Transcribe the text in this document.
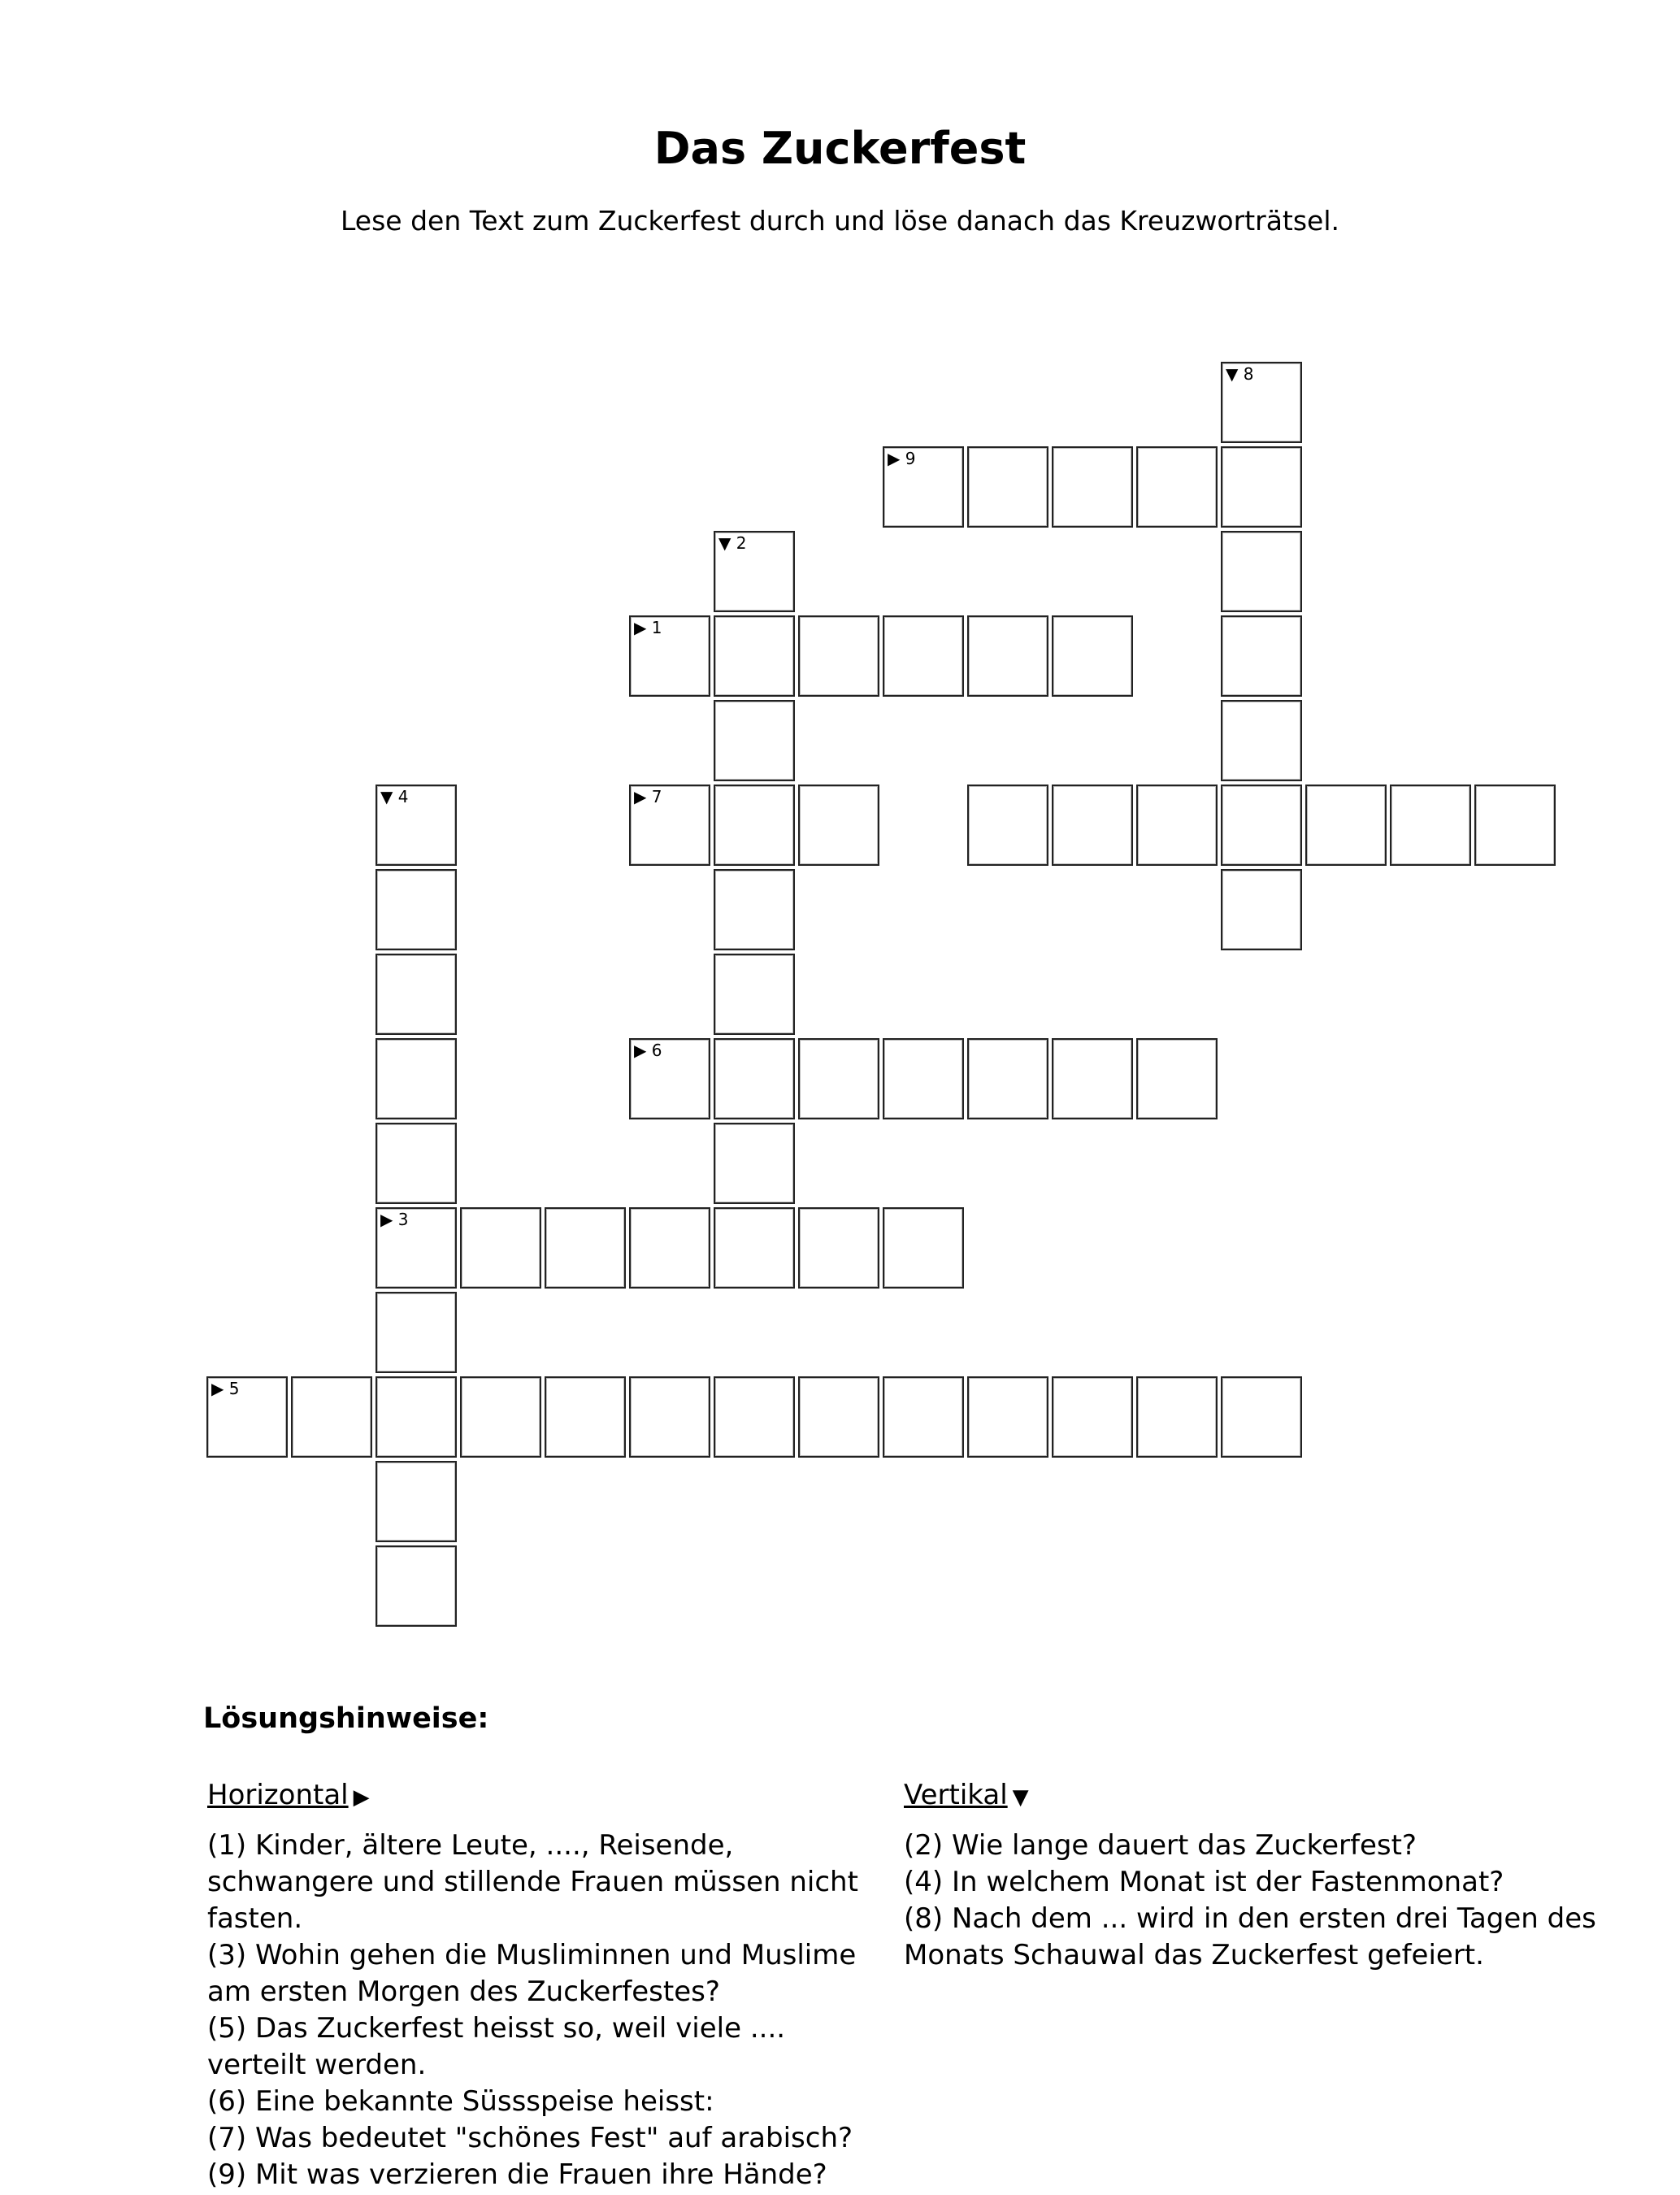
Das Zuckerfest
Lese den Text zum Zuckerfest durch und löse danach das Kreuzworträtsel.
▶ 1
▼ 2
▶ 3
▼ 4
▶ 5
▶ 6
▶ 7
▼ 8
▶ 9
Lösungshinweise:
Horizontal ▶

(1) Kinder, ältere Leute, ...., Reisende, schwangere und stillende Frauen müssen nicht fasten.

(3) Wohin gehen die Musliminnen und Muslime am ersten Morgen des Zuckerfestes?

(5) Das Zuckerfest heisst so, weil viele .... verteilt werden.

(6) Eine bekannte Süssspeise heisst:

(7) Was bedeutet "schönes Fest" auf arabisch?

(9) Mit was verzieren die Frauen ihre Hände?

Vertikal ▼

(2) Wie lange dauert das Zuckerfest?

(4) In welchem Monat ist der Fastenmonat?

(8) Nach dem ... wird in den ersten drei Tagen des Monats Schauwal das Zuckerfest gefeiert.
